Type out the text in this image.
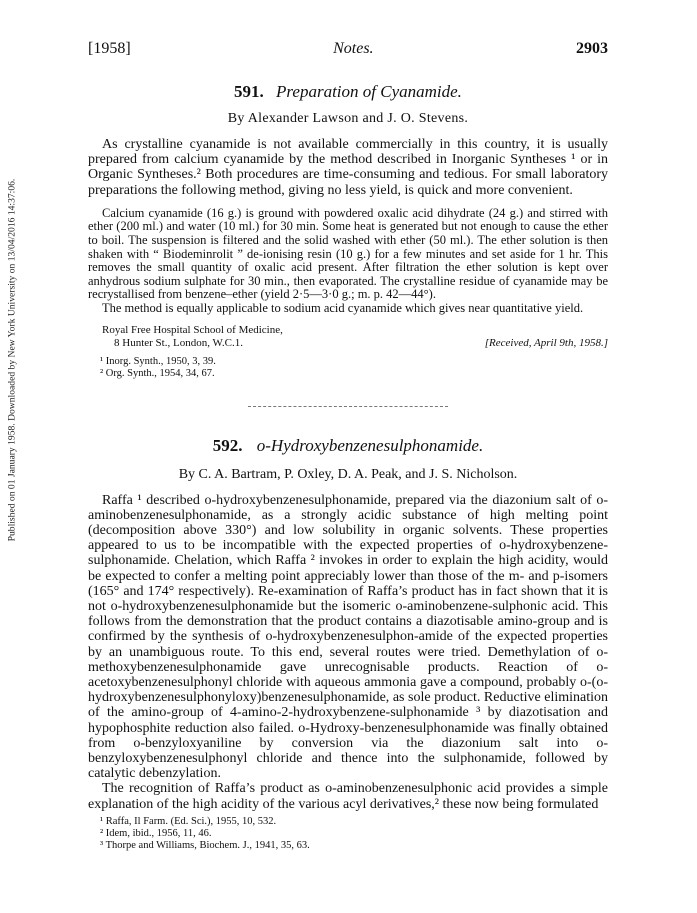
Published on 01 January 1958. Downloaded by New York University on 13/04/2016 14:37:06.
[1958]	Notes.	2903
591. Preparation of Cyanamide.
By Alexander Lawson and J. O. Stevens.

As crystalline cyanamide is not available commercially in this country, it is usually prepared from calcium cyanamide by the method described in Inorganic Syntheses ¹ or in Organic Syntheses.² Both procedures are time-consuming and tedious. For small laboratory preparations the following method, giving no less yield, is quick and more convenient.

Calcium cyanamide (16 g.) is ground with powdered oxalic acid dihydrate (24 g.) and stirred with ether (200 ml.) and water (10 ml.) for 30 min. Some heat is generated but not enough to cause the ether to boil. The suspension is filtered and the solid washed with ether (50 ml.). The ether solution is then shaken with “ Biodeminrolit ” de-ionising resin (10 g.) for a few minutes and set aside for 1 hr. This removes the small quantity of oxalic acid present. After filtration the ether solution is kept over anhydrous sodium sulphate for 30 min., then evaporated. The crystalline residue of cyanamide may be recrystallised from benzene–ether (yield 2·5—3·0 g.; m. p. 42—44°).

The method is equally applicable to sodium acid cyanamide which gives near quantitative yield.

Royal Free Hospital School of Medicine,
8 Hunter St., London, W.C.1.	[Received, April 9th, 1958.]
¹ Inorg. Synth., 1950, 3, 39.
² Org. Synth., 1954, 34, 67.
592. o-Hydroxybenzenesulphonamide.
By C. A. Bartram, P. Oxley, D. A. Peak, and J. S. Nicholson.

Raffa ¹ described o-hydroxybenzenesulphonamide, prepared via the diazonium salt of o-aminobenzenesulphonamide, as a strongly acidic substance of high melting point (decomposition above 330°) and low solubility in organic solvents. These properties appeared to us to be incompatible with the expected properties of o-hydroxybenzene-sulphonamide. Chelation, which Raffa ² invokes in order to explain the high acidity, would be expected to confer a melting point appreciably lower than those of the m- and p-isomers (165° and 174° respectively). Re-examination of Raffa’s product has in fact shown that it is not o-hydroxybenzenesulphonamide but the isomeric o-aminobenzene-sulphonic acid. This follows from the demonstration that the product contains a diazotisable amino-group and is confirmed by the synthesis of o-hydroxybenzenesulphon-amide of the expected properties by an unambiguous route. To this end, several routes were tried. Demethylation of o-methoxybenzenesulphonamide gave unrecognisable products. Reaction of o-acetoxybenzenesulphonyl chloride with aqueous ammonia gave a compound, probably o-(o-hydroxybenzenesulphonyloxy)benzenesulphonamide, as sole product. Reductive elimination of the amino-group of 4-amino-2-hydroxybenzene-sulphonamide ³ by diazotisation and hypophosphite reduction also failed. o-Hydroxy-benzenesulphonamide was finally obtained from o-benzyloxyaniline by conversion via the diazonium salt into o-benzyloxybenzenesulphonyl chloride and thence into the sulphonamide, followed by catalytic debenzylation.

The recognition of Raffa’s product as o-aminobenzenesulphonic acid provides a simple explanation of the high acidity of the various acyl derivatives,² these now being formulated

¹ Raffa, Il Farm. (Ed. Sci.), 1955, 10, 532.
² Idem, ibid., 1956, 11, 46.
³ Thorpe and Williams, Biochem. J., 1941, 35, 63.
